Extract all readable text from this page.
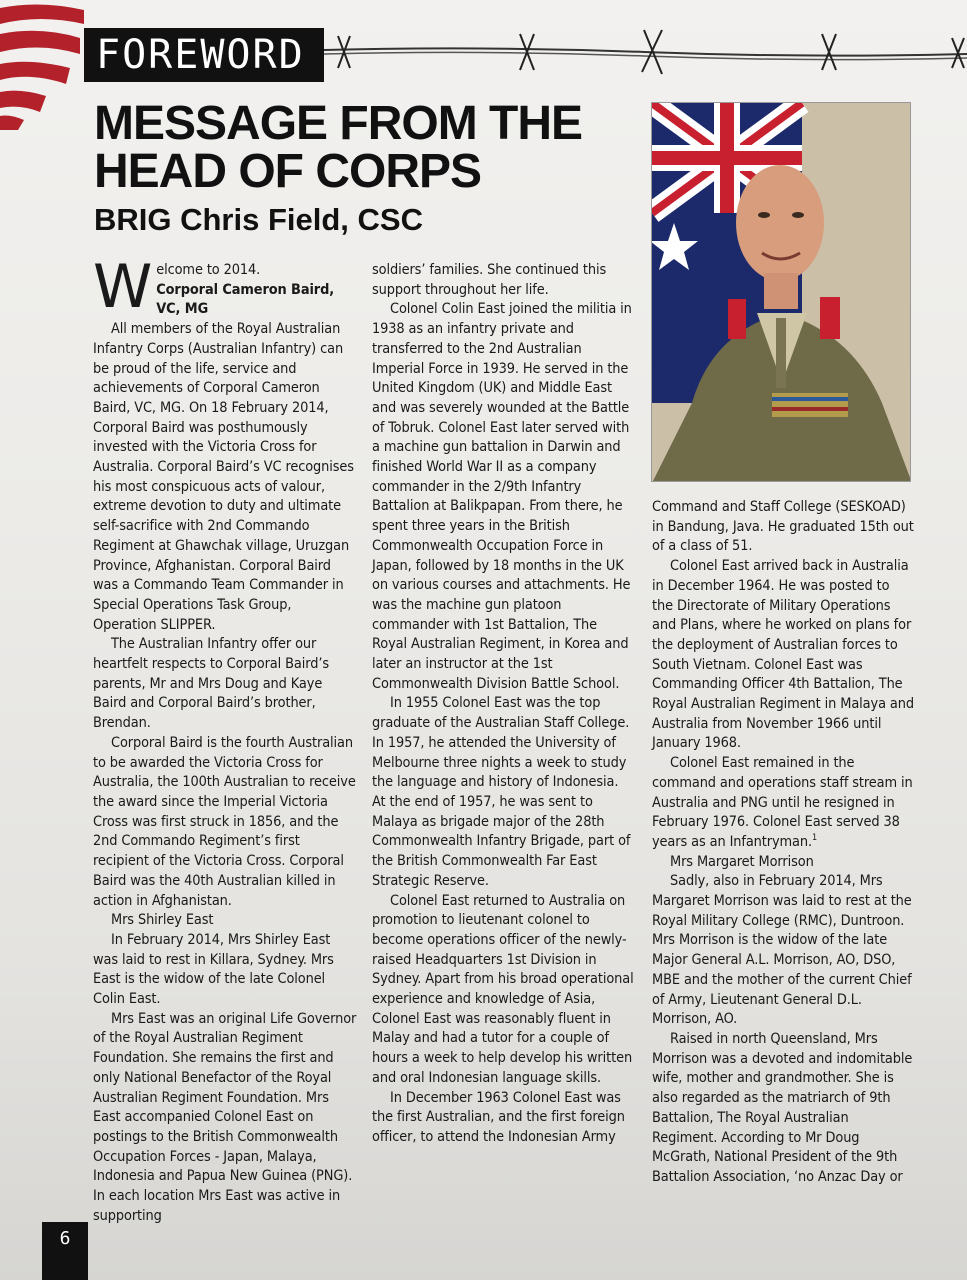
FOREWORD
MESSAGE FROM THE HEAD OF CORPS
BRIG Chris Field, CSC

Welcome to 2014.
Corporal Cameron Baird, VC, MG

All members of the Royal Australian Infantry Corps (Australian Infantry) can be proud of the life, service and achievements of Corporal Cameron Baird, VC, MG. On 18 February 2014, Corporal Baird was posthumously invested with the Victoria Cross for Australia. Corporal Baird’s VC recognises his most conspicuous acts of valour, extreme devotion to duty and ultimate self-sacrifice with 2nd Commando Regiment at Ghawchak village, Uruzgan Province, Afghanistan. Corporal Baird was a Commando Team Commander in Special Operations Task Group, Operation SLIPPER.

The Australian Infantry offer our heartfelt respects to Corporal Baird’s parents, Mr and Mrs Doug and Kaye Baird and Corporal Baird’s brother, Brendan.

Corporal Baird is the fourth Australian to be awarded the Victoria Cross for Australia, the 100th Australian to receive the award since the Imperial Victoria Cross was first struck in 1856, and the 2nd Commando Regiment’s first recipient of the Victoria Cross. Corporal Baird was the 40th Australian killed in action in Afghanistan.

Mrs Shirley East

In February 2014, Mrs Shirley East was laid to rest in Killara, Sydney. Mrs East is the widow of the late Colonel Colin East.

Mrs East was an original Life Governor of the Royal Australian Regiment Foundation. She remains the first and only National Benefactor of the Royal Australian Regiment Foundation. Mrs East accompanied Colonel East on postings to the British Commonwealth Occupation Forces - Japan, Malaya, Indonesia and Papua New Guinea (PNG). In each location Mrs East was active in supporting

soldiers’ families. She continued this support throughout her life.

Colonel Colin East joined the militia in 1938 as an infantry private and transferred to the 2nd Australian Imperial Force in 1939. He served in the United Kingdom (UK) and Middle East and was severely wounded at the Battle of Tobruk. Colonel East later served with a machine gun battalion in Darwin and finished World War II as a company commander in the 2/9th Infantry Battalion at Balikpapan. From there, he spent three years in the British Commonwealth Occupation Force in Japan, followed by 18 months in the UK on various courses and attachments. He was the machine gun platoon commander with 1st Battalion, The Royal Australian Regiment, in Korea and later an instructor at the 1st Commonwealth Division Battle School.

In 1955 Colonel East was the top graduate of the Australian Staff College. In 1957, he attended the University of Melbourne three nights a week to study the language and history of Indonesia. At the end of 1957, he was sent to Malaya as brigade major of the 28th Commonwealth Infantry Brigade, part of the British Commonwealth Far East Strategic Reserve.

Colonel East returned to Australia on promotion to lieutenant colonel to become operations officer of the newly-raised Headquarters 1st Division in Sydney. Apart from his broad operational experience and knowledge of Asia, Colonel East was reasonably fluent in Malay and had a tutor for a couple of hours a week to help develop his written and oral Indonesian language skills.

In December 1963 Colonel East was the first Australian, and the first foreign officer, to attend the Indonesian Army

Command and Staff College (SESKOAD) in Bandung, Java. He graduated 15th out of a class of 51.

Colonel East arrived back in Australia in December 1964. He was posted to the Directorate of Military Operations and Plans, where he worked on plans for the deployment of Australian forces to South Vietnam. Colonel East was Commanding Officer 4th Battalion, The Royal Australian Regiment in Malaya and Australia from November 1966 until January 1968.

Colonel East remained in the command and operations staff stream in Australia and PNG until he resigned in February 1976. Colonel East served 38 years as an Infantryman.$^1$

Mrs Margaret Morrison

Sadly, also in February 2014, Mrs Margaret Morrison was laid to rest at the Royal Military College (RMC), Duntroon. Mrs Morrison is the widow of the late Major General A.L. Morrison, AO, DSO, MBE and the mother of the current Chief of Army, Lieutenant General D.L. Morrison, AO.

Raised in north Queensland, Mrs Morrison was a devoted and indomitable wife, mother and grandmother. She is also regarded as the matriarch of 9th Battalion, The Royal Australian Regiment. According to Mr Doug McGrath, National President of the 9th Battalion Association, ‘no Anzac Day or

6
